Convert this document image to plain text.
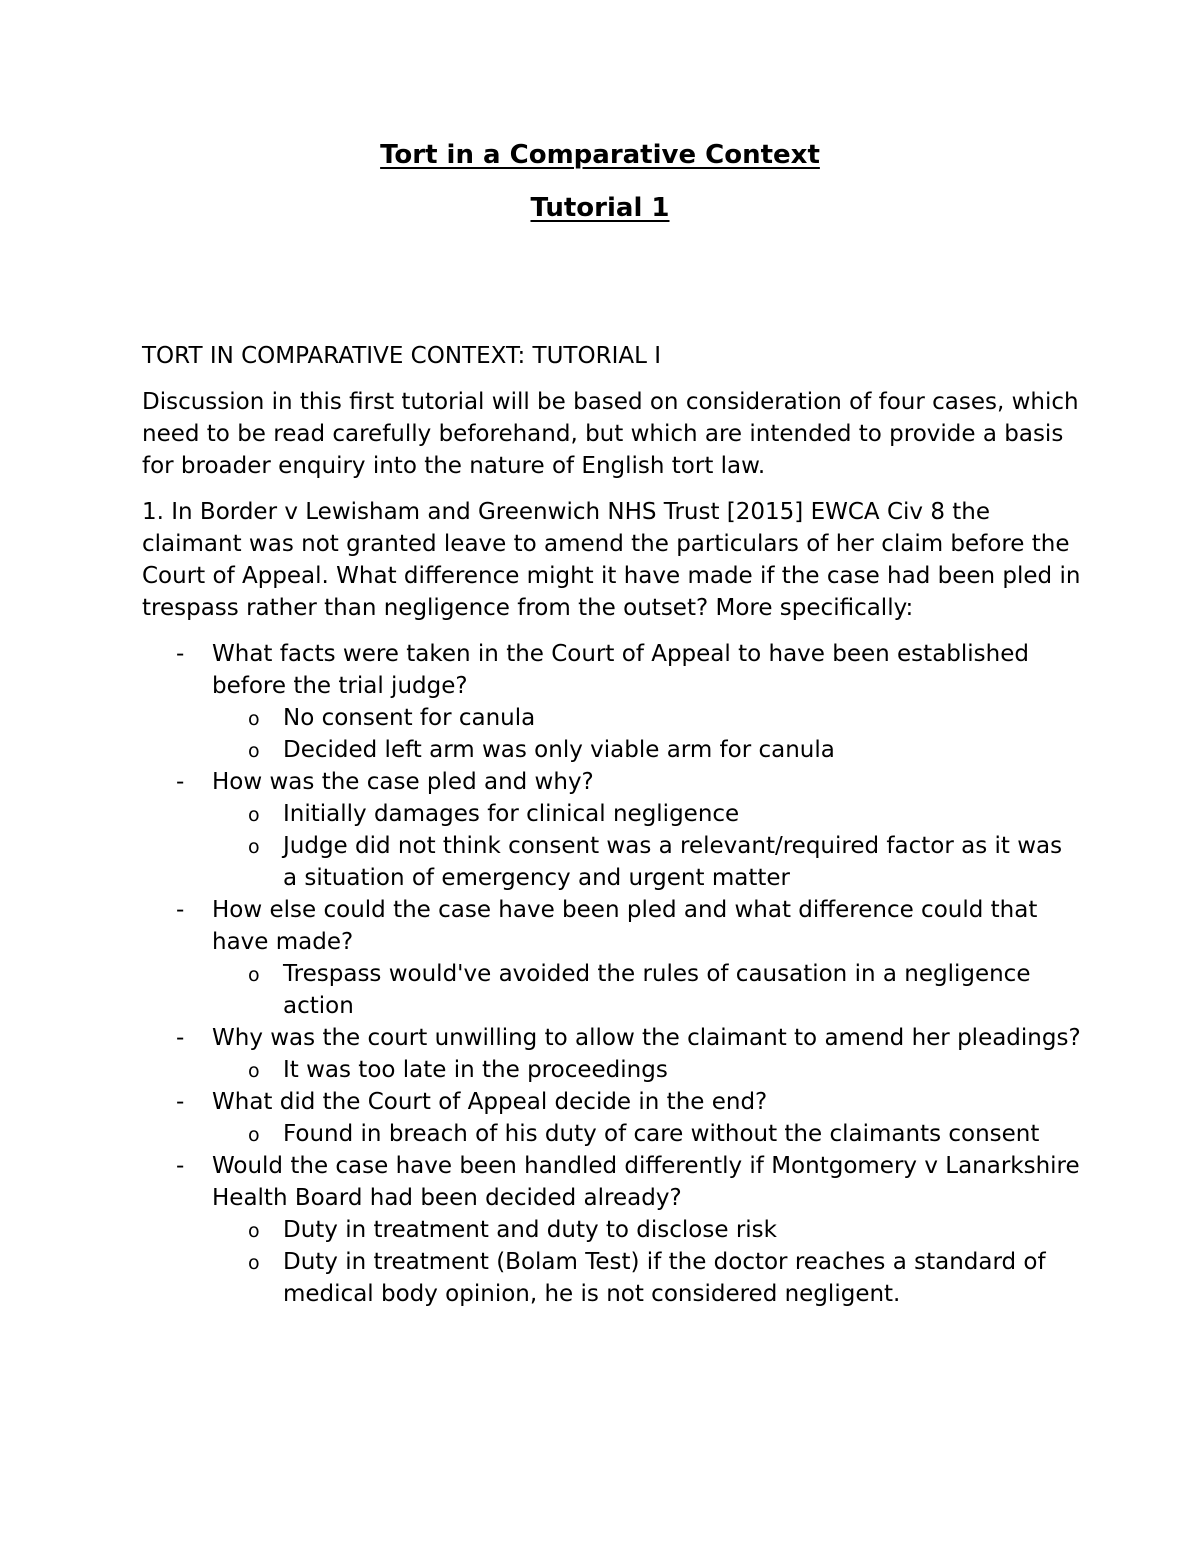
Tort in a Comparative Context
Tutorial 1

TORT IN COMPARATIVE CONTEXT: TUTORIAL I

Discussion in this first tutorial will be based on consideration of four cases, which need to be read carefully beforehand, but which are intended to provide a basis for broader enquiry into the nature of English tort law.

1. In Border v Lewisham and Greenwich NHS Trust [2015] EWCA Civ 8 the claimant was not granted leave to amend the particulars of her claim before the Court of Appeal. What difference might it have made if the case had been pled in trespass rather than negligence from the outset? More specifically:

-	What facts were taken in the Court of Appeal to have been established before the trial judge?
o No consent for canula
o Decided left arm was only viable arm for canula
-	How was the case pled and why?
o Initially damages for clinical negligence
o Judge did not think consent was a relevant/required factor as it was a situation of emergency and urgent matter
-	How else could the case have been pled and what difference could that have made?
o Trespass would've avoided the rules of causation in a negligence action
-	Why was the court unwilling to allow the claimant to amend her pleadings?
o It was too late in the proceedings
-	What did the Court of Appeal decide in the end?
o Found in breach of his duty of care without the claimants consent
-	Would the case have been handled differently if Montgomery v Lanarkshire Health Board had been decided already?
o Duty in treatment and duty to disclose risk
o Duty in treatment (Bolam Test) if the doctor reaches a standard of medical body opinion, he is not considered negligent.
